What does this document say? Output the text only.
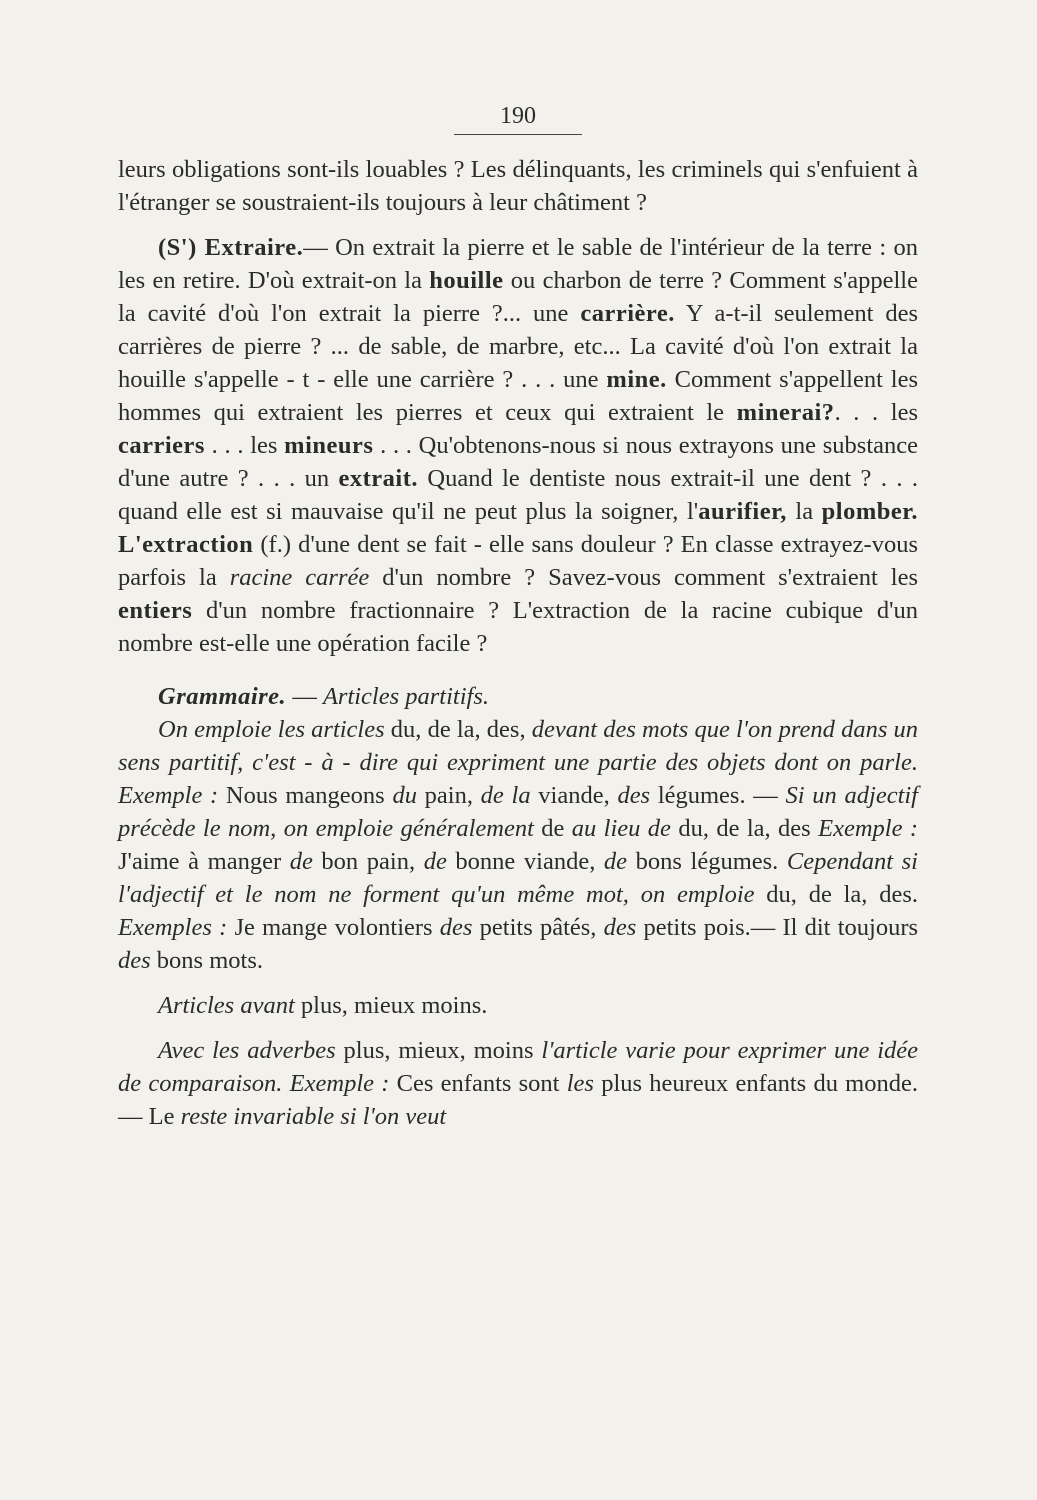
190

leurs obligations sont-ils louables ? Les délinquants, les criminels qui s'enfuient à l'étranger se soustraient-ils toujours à leur châtiment ?

(S') Extraire.— On extrait la pierre et le sable de l'intérieur de la terre : on les en retire. D'où extrait-on la houille ou charbon de terre ? Comment s'appelle la cavité d'où l'on extrait la pierre ?... une carrière. Y a-t-il seulement des carrières de pierre ? ... de sable, de marbre, etc... La cavité d'où l'on extrait la houille s'appelle - t - elle une carrière ? . . . une mine. Comment s'appellent les hommes qui extraient les pierres et ceux qui extraient le minerai?. . . les carriers . . . les mineurs . . . Qu'obtenons-nous si nous extrayons une substance d'une autre ? . . . un extrait. Quand le dentiste nous extrait-il une dent ? . . . quand elle est si mauvaise qu'il ne peut plus la soigner, l'aurifier, la plomber. L'extraction (f.) d'une dent se fait - elle sans douleur ? En classe extrayez-vous parfois la racine carrée d'un nombre ? Savez-vous comment s'extraient les entiers d'un nombre fractionnaire ? L'extraction de la racine cubique d'un nombre est-elle une opération facile ?

Grammaire. — Articles partitifs.

On emploie les articles du, de la, des, devant des mots que l'on prend dans un sens partitif, c'est - à - dire qui expriment une partie des objets dont on parle. Exemple : Nous mangeons du pain, de la viande, des légumes. — Si un adjectif précède le nom, on emploie généralement de au lieu de du, de la, des Exemple : J'aime à manger de bon pain, de bonne viande, de bons légumes. Cependant si l'adjectif et le nom ne forment qu'un même mot, on emploie du, de la, des. Exemples : Je mange volontiers des petits pâtés, des petits pois.— Il dit toujours des bons mots.

Articles avant plus, mieux moins.

Avec les adverbes plus, mieux, moins l'article varie pour exprimer une idée de comparaison. Exemple : Ces enfants sont les plus heureux enfants du monde.— Le reste invariable si l'on veut
